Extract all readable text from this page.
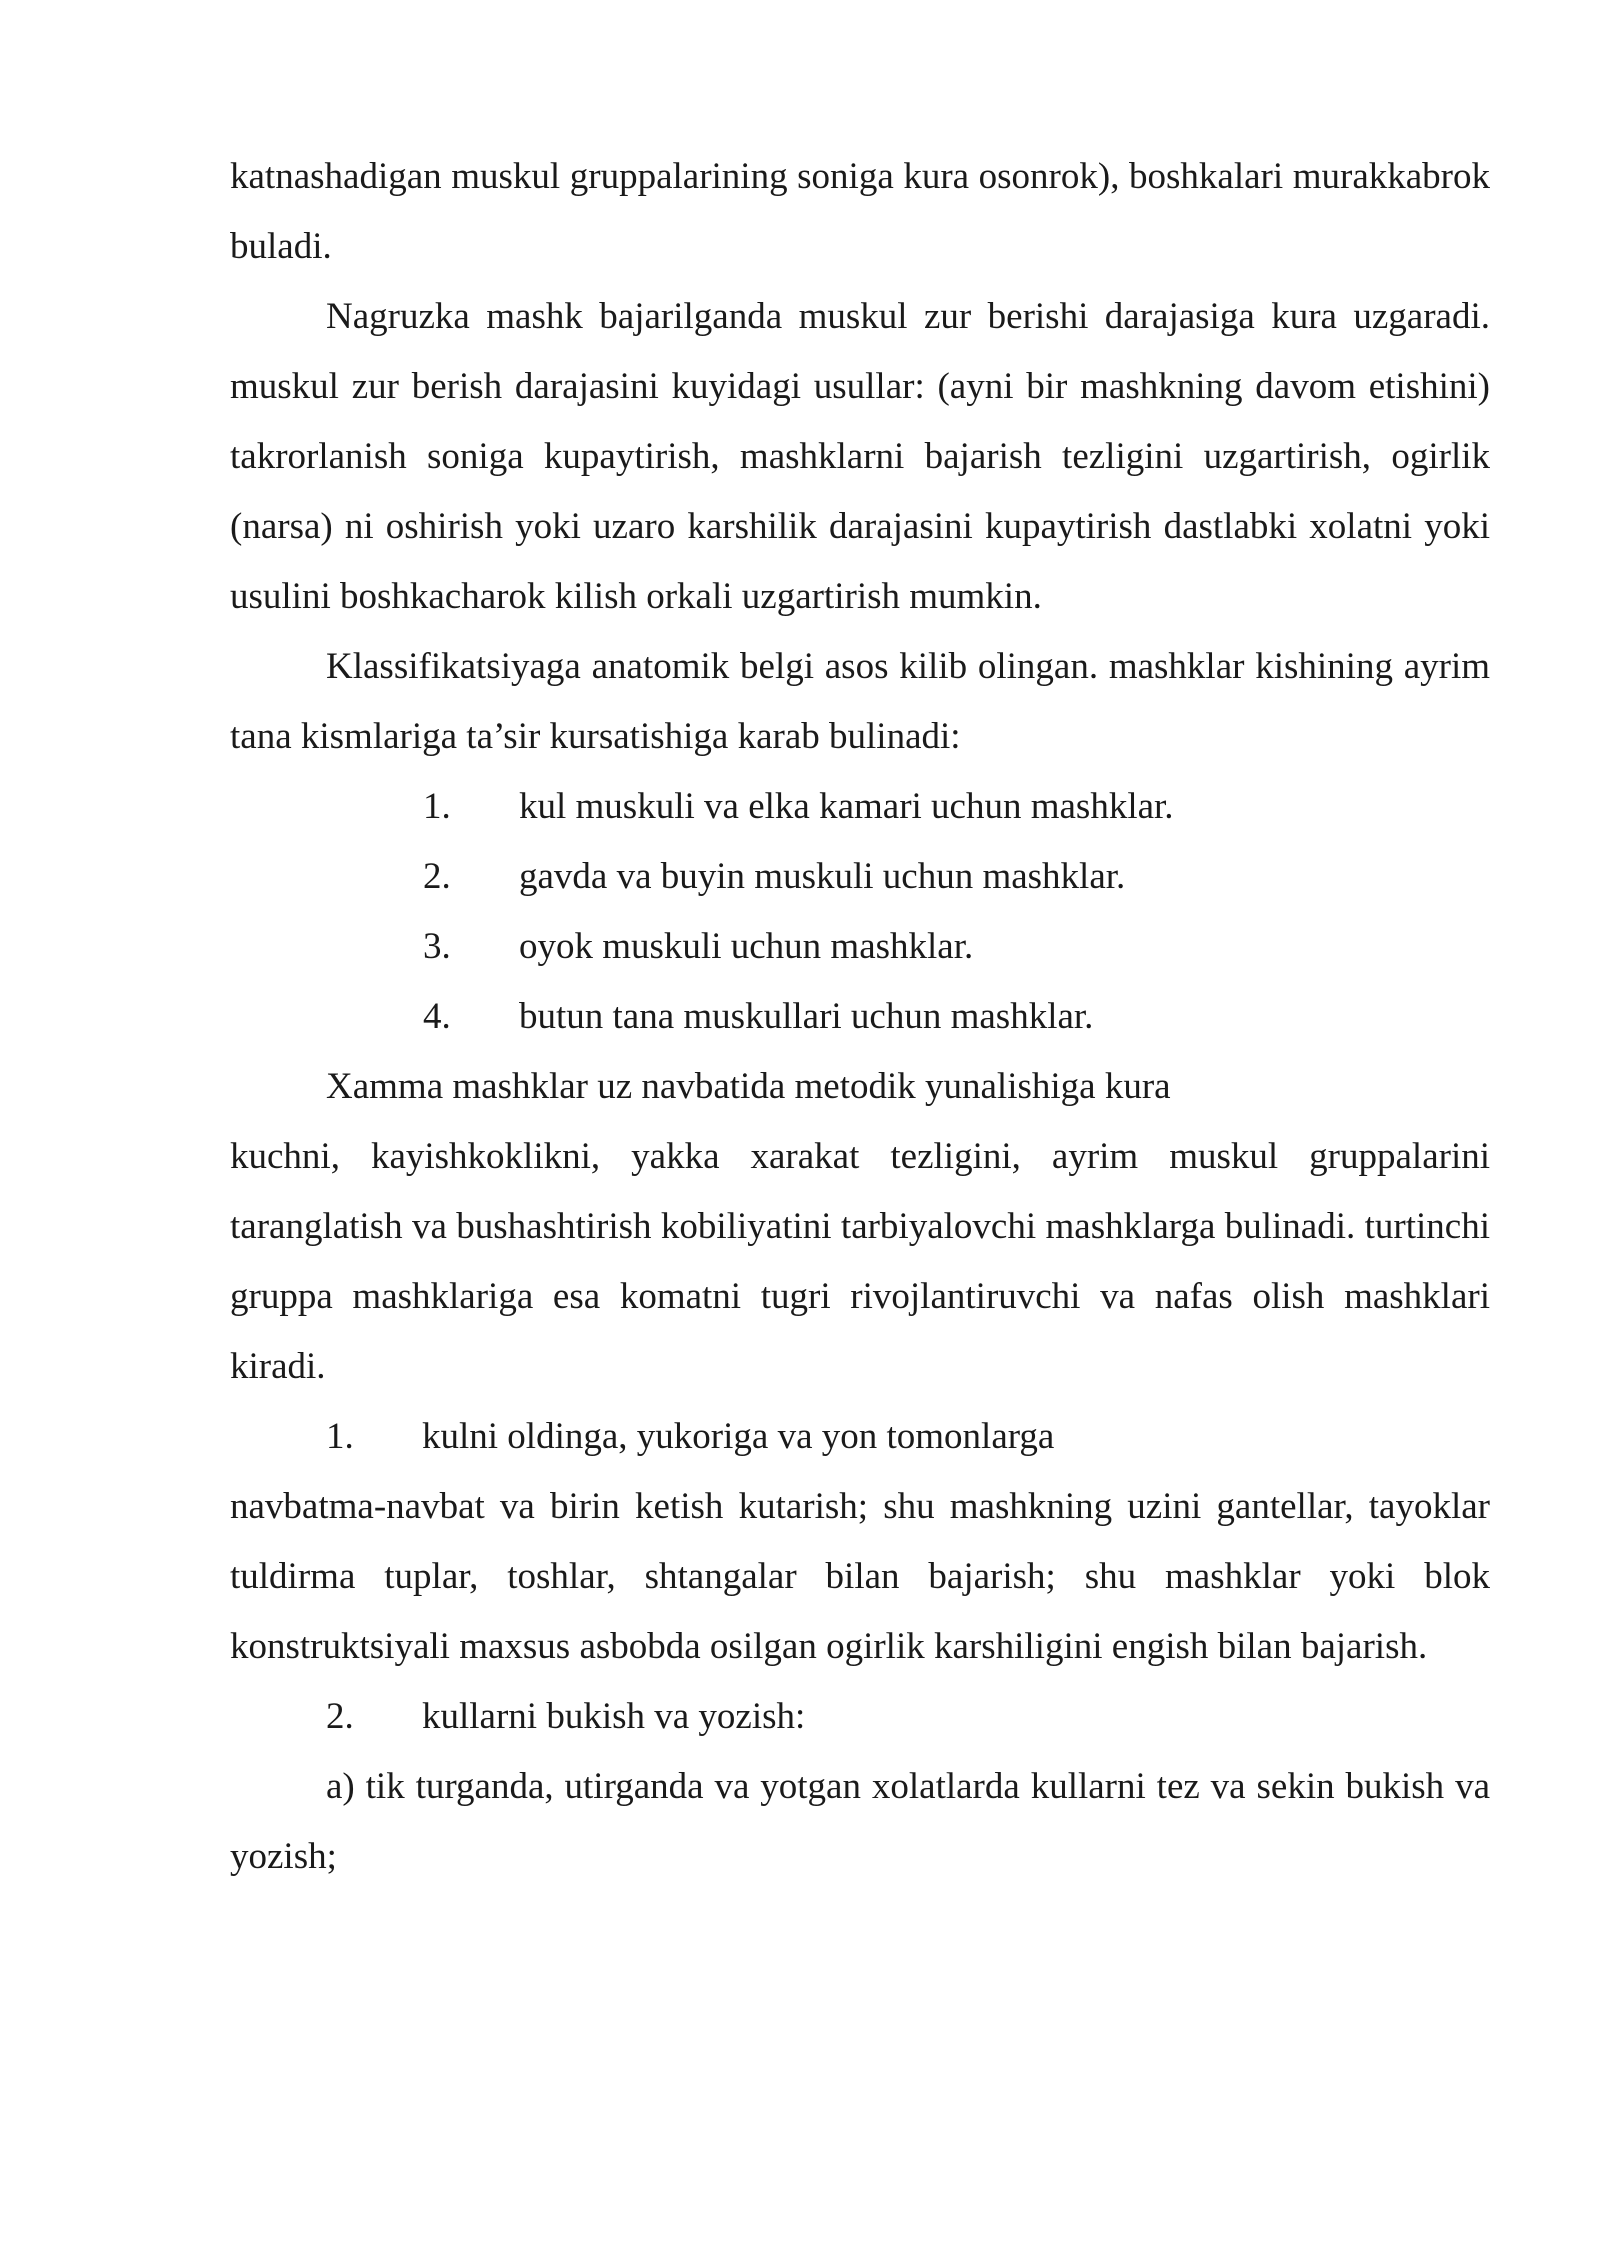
katnashadigan muskul gruppalarining soniga kura osonrok), boshkalari murakkabrok buladi.

Nagruzka mashk bajarilganda muskul zur berishi darajasiga kura uzgaradi. muskul zur berish darajasini kuyidagi usullar: (ayni bir mashkning davom etishini) takrorlanish soniga kupaytirish, mashklarni bajarish tezligini uzgartirish, ogirlik (narsa) ni oshirish yoki uzaro karshilik darajasini kupaytirish dastlabki xolatni yoki usulini boshkacharok kilish orkali uzgartirish mumkin.

Klassifikatsiyaga anatomik belgi asos kilib olingan. mashklar kishining ayrim tana kismlariga ta’sir kursatishiga karab bulinadi:

1.	kul muskuli va elka kamari uchun mashklar.

2.	gavda va buyin muskuli uchun mashklar.

3.	oyok muskuli uchun mashklar.

4.	butun tana muskullari uchun mashklar.

Xamma mashklar uz navbatida metodik yunalishiga kura

kuchni, kayishkoklikni, yakka xarakat tezligini, ayrim muskul gruppalarini taranglatish va bushashtirish kobiliyatini tarbiyalovchi mashklarga bulinadi. turtinchi gruppa mashklariga esa komatni tugri rivojlantiruvchi va nafas olish mashklari kiradi.

1.	kulni oldinga, yukoriga va yon tomonlarga

navbatma-navbat va birin ketish kutarish; shu mashkning uzini gantellar, tayoklar tuldirma tuplar, toshlar, shtangalar bilan bajarish; shu mashklar yoki blok konstruktsiyali maxsus asbobda osilgan ogirlik karshiligini engish bilan bajarish.

2.	kullarni bukish va yozish:

a) tik turganda, utirganda va yotgan xolatlarda kullarni tez va sekin bukish va yozish;
